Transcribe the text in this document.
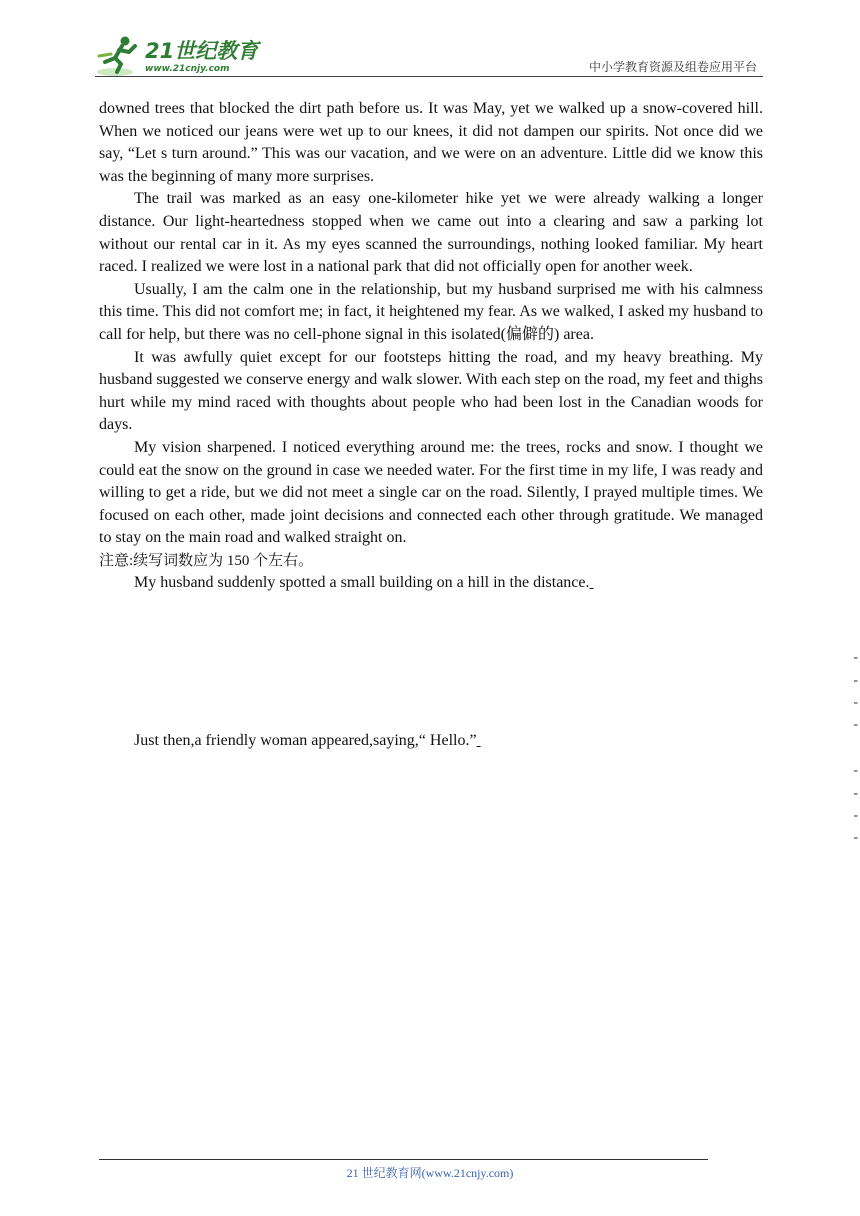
21世纪教育
www.21cnjy.com	中小学教育资源及组卷应用平台

downed trees that blocked the dirt path before us. It was May, yet we walked up a snow-covered hill. When we noticed our jeans were wet up to our knees, it did not dampen our spirits. Not once did we say, “Let s turn around.” This was our vacation, and we were on an adventure. Little did we know this was the beginning of many more surprises.

The trail was marked as an easy one-kilometer hike yet we were already walking a longer distance. Our light-heartedness stopped when we came out into a clearing and saw a parking lot without our rental car in it. As my eyes scanned the surroundings, nothing looked familiar. My heart raced. I realized we were lost in a national park that did not officially open for another week.

Usually, I am the calm one in the relationship, but my husband surprised me with his calmness this time. This did not comfort me; in fact, it heightened my fear. As we walked, I asked my husband to call for help, but there was no cell-phone signal in this isolated(偏僻的) area.

It was awfully quiet except for our footsteps hitting the road, and my heavy breathing. My husband suggested we conserve energy and walk slower. With each step on the road, my feet and thighs hurt while my mind raced with thoughts about people who had been lost in the Canadian woods for days.

My vision sharpened. I noticed everything around me: the trees, rocks and snow. I thought we could eat the snow on the ground in case we needed water. For the first time in my life, I was ready and willing to get a ride, but we did not meet a single car on the road. Silently, I prayed multiple times. We focused on each other, made joint decisions and connected each other through gratitude. We managed to stay on the main road and walked straight on.

注意:续写词数应为 150 个左右。

My husband suddenly spotted a small building on a hill in the distance.

-
-
-
-

Just then,a friendly woman appeared,saying,“ Hello.”

-
-
-
-
21 世纪教育网(www.21cnjy.com)
